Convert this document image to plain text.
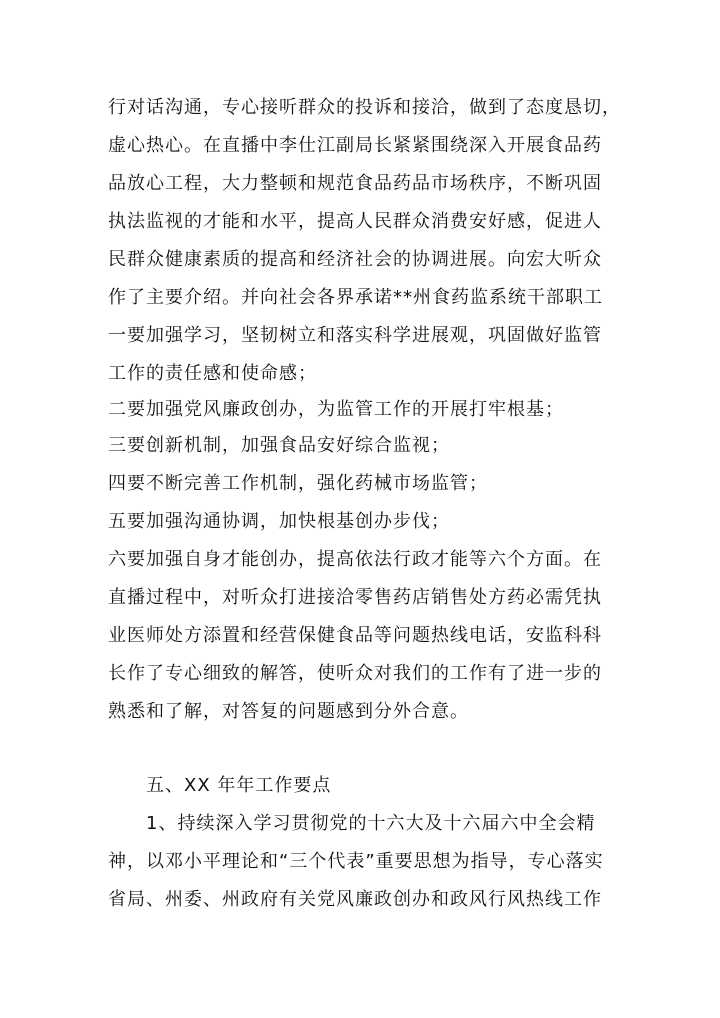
行对话沟通，专心接听群众的投诉和接洽，做到了态度恳切，
虚心热心。在直播中李仕江副局长紧紧围绕深入开展食品药
品放心工程，大力整顿和规范食品药品市场秩序，不断巩固
执法监视的才能和水平，提高人民群众消费安好感，促进人
民群众健康素质的提高和经济社会的协调进展。向宏大听众
作了主要介绍。并向社会各界承诺**州食药监系统干部职工
一要加强学习，坚韧树立和落实科学进展观，巩固做好监管
工作的责任感和使命感；
二要加强党风廉政创办，为监管工作的开展打牢根基；
三要创新机制，加强食品安好综合监视；
四要不断完善工作机制，强化药械市场监管；
五要加强沟通协调，加快根基创办步伐；
六要加强自身才能创办，提高依法行政才能等六个方面。在
直播过程中，对听众打进接洽零售药店销售处方药必需凭执
业医师处方添置和经营保健食品等问题热线电话，安监科科
长作了专心细致的解答，使听众对我们的工作有了进一步的
熟悉和了解，对答复的问题感到分外合意。
五、XX 年年工作要点
1、持续深入学习贯彻党的十六大及十六届六中全会精
神，以邓小平理论和“三个代表”重要思想为指导，专心落实
省局、州委、州政府有关党风廉政创办和政风行风热线工作
